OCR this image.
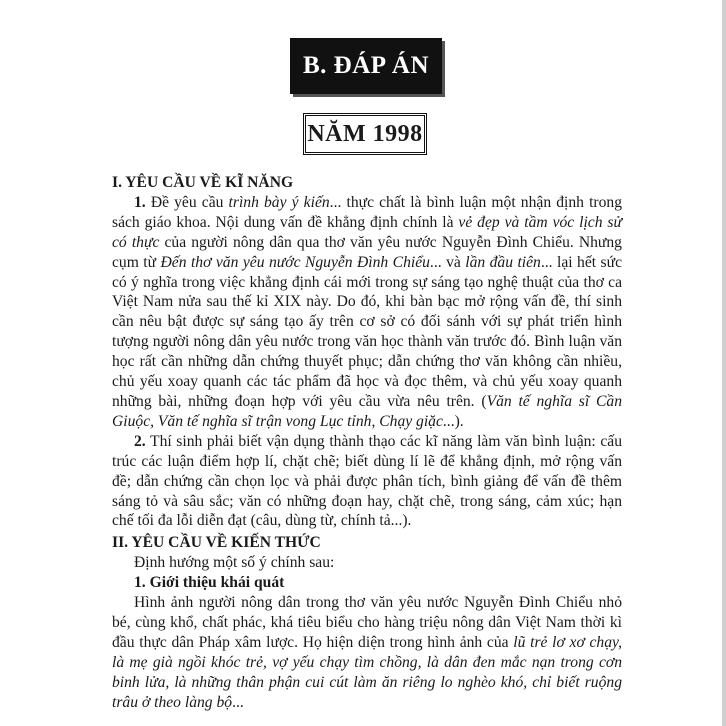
B. ĐÁP ÁN
NĂM 1998

I. YÊU CẦU VỀ KĨ NĂNG

1. Đề yêu cầu trình bày ý kiến... thực chất là bình luận một nhận định trong sách giáo khoa. Nội dung vấn đề khẳng định chính là vẻ đẹp và tầm vóc lịch sử có thực của người nông dân qua thơ văn yêu nước Nguyễn Đình Chiểu. Nhưng cụm từ Đến thơ văn yêu nước Nguyễn Đình Chiểu... và lần đầu tiên... lại hết sức có ý nghĩa trong việc khẳng định cái mới trong sự sáng tạo nghệ thuật của thơ ca Việt Nam nửa sau thế kỉ XIX này. Do đó, khi bàn bạc mở rộng vấn đề, thí sinh cần nêu bật được sự sáng tạo ấy trên cơ sở có đối sánh với sự phát triển hình tượng người nông dân yêu nước trong văn học thành văn trước đó. Bình luận văn học rất cần những dẫn chứng thuyết phục; dẫn chứng thơ văn không cần nhiều, chủ yếu xoay quanh các tác phẩm đã học và đọc thêm, và chủ yếu xoay quanh những bài, những đoạn hợp với yêu cầu vừa nêu trên. (Văn tế nghĩa sĩ Cần Giuộc, Văn tế nghĩa sĩ trận vong Lục tỉnh, Chạy giặc...).

2. Thí sinh phải biết vận dụng thành thạo các kĩ năng làm văn bình luận: cấu trúc các luận điểm hợp lí, chặt chẽ; biết dùng lí lẽ để khẳng định, mở rộng vấn đề; dẫn chứng cần chọn lọc và phải được phân tích, bình giảng để vấn đề thêm sáng tỏ và sâu sắc; văn có những đoạn hay, chặt chẽ, trong sáng, cảm xúc; hạn chế tối đa lỗi diễn đạt (câu, dùng từ, chính tả...).

II. YÊU CẦU VỀ KIẾN THỨC

Định hướng một số ý chính sau:

1. Giới thiệu khái quát

Hình ảnh người nông dân trong thơ văn yêu nước Nguyễn Đình Chiểu nhỏ bé, cùng khổ, chất phác, khá tiêu biểu cho hàng triệu nông dân Việt Nam thời kì đầu thực dân Pháp xâm lược. Họ hiện diện trong hình ảnh của lũ trẻ lơ xơ chạy, là mẹ già ngồi khóc trẻ, vợ yếu chạy tìm chồng, là dân đen mắc nạn trong cơn binh lửa, là những thân phận cui cút làm ăn riêng lo nghèo khó, chỉ biết ruộng trâu ở theo làng bộ...
